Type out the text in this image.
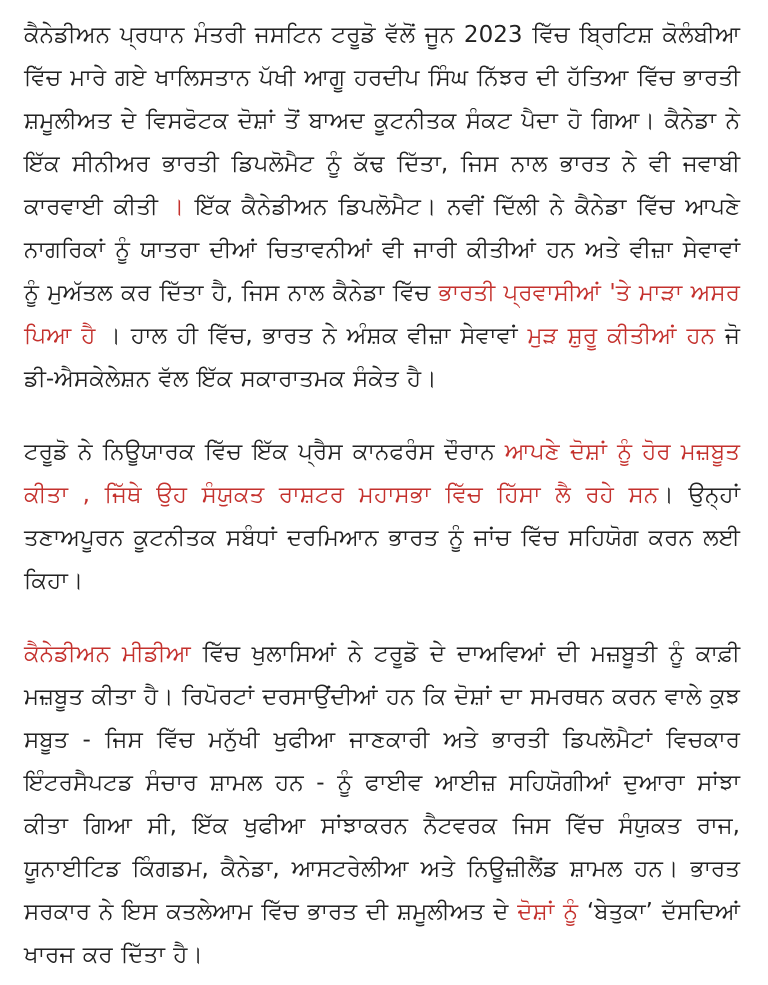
ਕੈਨੇਡੀਅਨ ਪ੍ਰਧਾਨ ਮੰਤਰੀ ਜਸਟਿਨ ਟਰੂਡੋ ਵੱਲੋਂ ਜੂਨ 2023 ਵਿੱਚ ਬ੍ਰਿਟਿਸ਼ ਕੋਲੰਬੀਆ ਵਿੱਚ ਮਾਰੇ ਗਏ ਖਾਲਿਸਤਾਨ ਪੱਖੀ ਆਗੂ ਹਰਦੀਪ ਸਿੰਘ ਨਿੱਝਰ ਦੀ ਹੱਤਿਆ ਵਿੱਚ ਭਾਰਤੀ ਸ਼ਮੂਲੀਅਤ ਦੇ ਵਿਸਫੋਟਕ ਦੋਸ਼ਾਂ ਤੋਂ ਬਾਅਦ ਕੂਟਨੀਤਕ ਸੰਕਟ ਪੈਦਾ ਹੋ ਗਿਆ। ਕੈਨੇਡਾ ਨੇ ਇੱਕ ਸੀਨੀਅਰ ਭਾਰਤੀ ਡਿਪਲੋਮੈਟ ਨੂੰ ਕੱਢ ਦਿੱਤਾ, ਜਿਸ ਨਾਲ ਭਾਰਤ ਨੇ ਵੀ ਜਵਾਬੀ ਕਾਰਵਾਈ ਕੀਤੀ । ਇੱਕ ਕੈਨੇਡੀਅਨ ਡਿਪਲੋਮੈਟ। ਨਵੀਂ ਦਿੱਲੀ ਨੇ ਕੈਨੇਡਾ ਵਿੱਚ ਆਪਣੇ ਨਾਗਰਿਕਾਂ ਨੂੰ ਯਾਤਰਾ ਦੀਆਂ ਚਿਤਾਵਨੀਆਂ ਵੀ ਜਾਰੀ ਕੀਤੀਆਂ ਹਨ ਅਤੇ ਵੀਜ਼ਾ ਸੇਵਾਵਾਂ ਨੂੰ ਮੁਅੱਤਲ ਕਰ ਦਿੱਤਾ ਹੈ, ਜਿਸ ਨਾਲ ਕੈਨੇਡਾ ਵਿੱਚ ਭਾਰਤੀ ਪ੍ਰਵਾਸੀਆਂ 'ਤੇ ਮਾੜਾ ਅਸਰ ਪਿਆ ਹੈ । ਹਾਲ ਹੀ ਵਿੱਚ, ਭਾਰਤ ਨੇ ਅੰਸ਼ਕ ਵੀਜ਼ਾ ਸੇਵਾਵਾਂ ਮੁੜ ਸ਼ੁਰੂ ਕੀਤੀਆਂ ਹਨ ਜੋ ਡੀ-ਐਸਕੇਲੇਸ਼ਨ ਵੱਲ ਇੱਕ ਸਕਾਰਾਤਮਕ ਸੰਕੇਤ ਹੈ।

ਟਰੂਡੋ ਨੇ ਨਿਊਯਾਰਕ ਵਿੱਚ ਇੱਕ ਪ੍ਰੈਸ ਕਾਨਫਰੰਸ ਦੌਰਾਨ ਆਪਣੇ ਦੋਸ਼ਾਂ ਨੂੰ ਹੋਰ ਮਜ਼ਬੂਤ ਕੀਤਾ , ਜਿੱਥੇ ਉਹ ਸੰਯੁਕਤ ਰਾਸ਼ਟਰ ਮਹਾਸਭਾ ਵਿੱਚ ਹਿੱਸਾ ਲੈ ਰਹੇ ਸਨ। ਉਨ੍ਹਾਂ ਤਣਾਅਪੂਰਨ ਕੂਟਨੀਤਕ ਸਬੰਧਾਂ ਦਰਮਿਆਨ ਭਾਰਤ ਨੂੰ ਜਾਂਚ ਵਿੱਚ ਸਹਿਯੋਗ ਕਰਨ ਲਈ ਕਿਹਾ।

ਕੈਨੇਡੀਅਨ ਮੀਡੀਆ ਵਿੱਚ ਖੁਲਾਸਿਆਂ ਨੇ ਟਰੂਡੋ ਦੇ ਦਾਅਵਿਆਂ ਦੀ ਮਜ਼ਬੂਤੀ ਨੂੰ ਕਾਫ਼ੀ ਮਜ਼ਬੂਤ ਕੀਤਾ ਹੈ। ਰਿਪੋਰਟਾਂ ਦਰਸਾਉਂਦੀਆਂ ਹਨ ਕਿ ਦੋਸ਼ਾਂ ਦਾ ਸਮਰਥਨ ਕਰਨ ਵਾਲੇ ਕੁਝ ਸਬੂਤ - ਜਿਸ ਵਿੱਚ ਮਨੁੱਖੀ ਖੁਫੀਆ ਜਾਣਕਾਰੀ ਅਤੇ ਭਾਰਤੀ ਡਿਪਲੋਮੈਟਾਂ ਵਿਚਕਾਰ ਇੰਟਰਸੈਪਟਡ ਸੰਚਾਰ ਸ਼ਾਮਲ ਹਨ - ਨੂੰ ਫਾਈਵ ਆਈਜ਼ ਸਹਿਯੋਗੀਆਂ ਦੁਆਰਾ ਸਾਂਝਾ ਕੀਤਾ ਗਿਆ ਸੀ, ਇੱਕ ਖੁਫੀਆ ਸਾਂਝਾਕਰਨ ਨੈਟਵਰਕ ਜਿਸ ਵਿੱਚ ਸੰਯੁਕਤ ਰਾਜ, ਯੂਨਾਈਟਿਡ ਕਿੰਗਡਮ, ਕੈਨੇਡਾ, ਆਸਟਰੇਲੀਆ ਅਤੇ ਨਿਊਜ਼ੀਲੈਂਡ ਸ਼ਾਮਲ ਹਨ। ਭਾਰਤ ਸਰਕਾਰ ਨੇ ਇਸ ਕਤਲੇਆਮ ਵਿੱਚ ਭਾਰਤ ਦੀ ਸ਼ਮੂਲੀਅਤ ਦੇ ਦੋਸ਼ਾਂ ਨੂੰ ‘ਬੇਤੁਕਾ’ ਦੱਸਦਿਆਂ ਖਾਰਜ ਕਰ ਦਿੱਤਾ ਹੈ।
